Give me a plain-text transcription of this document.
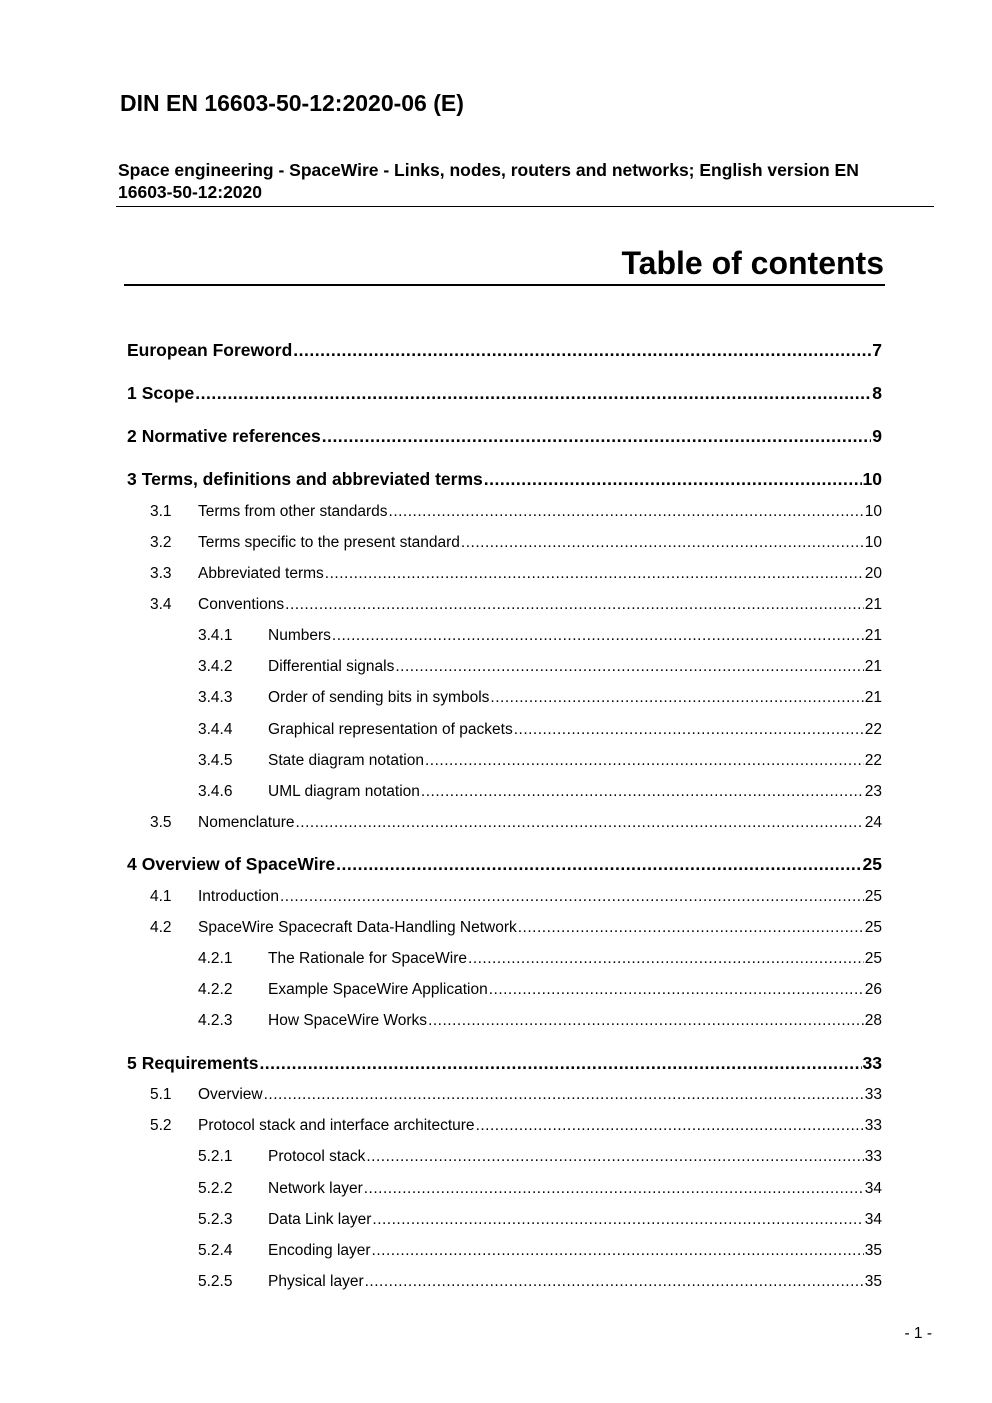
DIN EN 16603-50-12:2020-06 (E)
Space engineering - SpaceWire - Links, nodes, routers and networks; English version EN 16603-50-12:2020
Table of contents
European Foreword .....	7
1 Scope .....	8
2 Normative references .....	9
3 Terms, definitions and abbreviated terms .....	10
3.1	Terms from other standards .....	10
3.2	Terms specific to the present standard .....	10
3.3	Abbreviated terms .....	20
3.4	Conventions .....	21
3.4.1	Numbers .....	21
3.4.2	Differential signals .....	21
3.4.3	Order of sending bits in symbols .....	21
3.4.4	Graphical representation of packets .....	22
3.4.5	State diagram notation .....	22
3.4.6	UML diagram notation .....	23
3.5	Nomenclature .....	24
4 Overview of SpaceWire .....	25
4.1	Introduction .....	25
4.2	SpaceWire Spacecraft Data-Handling Network .....	25
4.2.1	The Rationale for SpaceWire .....	25
4.2.2	Example SpaceWire Application .....	26
4.2.3	How SpaceWire Works .....	28
5 Requirements .....	33
5.1	Overview .....	33
5.2	Protocol stack and interface architecture .....	33
5.2.1	Protocol stack .....	33
5.2.2	Network layer .....	34
5.2.3	Data Link layer .....	34
5.2.4	Encoding layer .....	35
5.2.5	Physical layer .....	35
- 1 -
